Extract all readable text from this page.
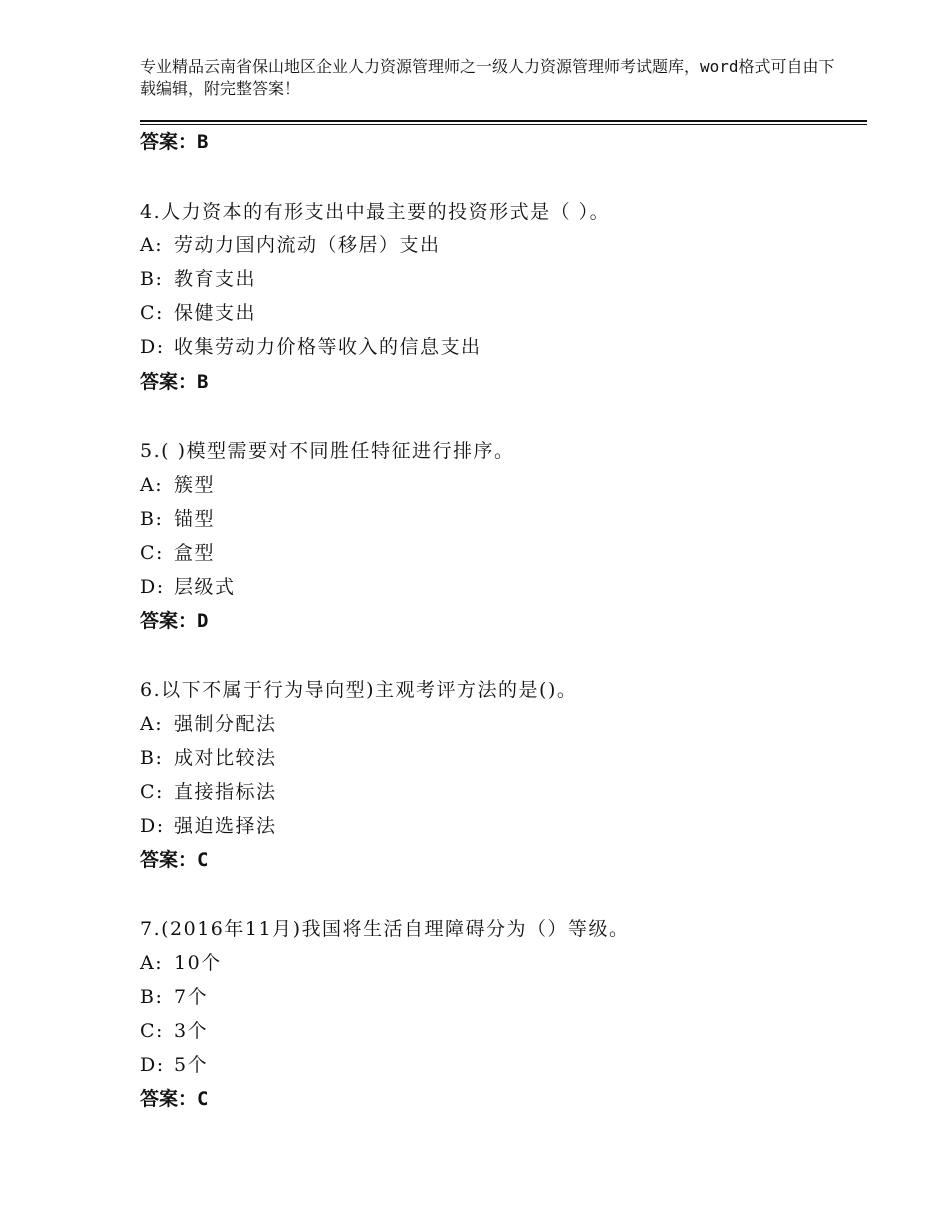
专业精品云南省保山地区企业人力资源管理师之一级人力资源管理师考试题库，word格式可自由下载编辑，附完整答案！
答案：B
4.人力资本的有形支出中最主要的投资形式是（ ）。
A: 劳动力国内流动（移居）支出
B: 教育支出
C: 保健支出
D: 收集劳动力价格等收入的信息支出
答案：B
5.( )模型需要对不同胜任特征进行排序。
A: 簇型
B: 锚型
C: 盒型
D: 层级式
答案：D
6.以下不属于行为导向型)主观考评方法的是()。
A: 强制分配法
B: 成对比较法
C: 直接指标法
D: 强迫选择法
答案：C
7.(2016年11月)我国将生活自理障碍分为（）等级。
A: 10个
B: 7个
C: 3个
D: 5个
答案：C
